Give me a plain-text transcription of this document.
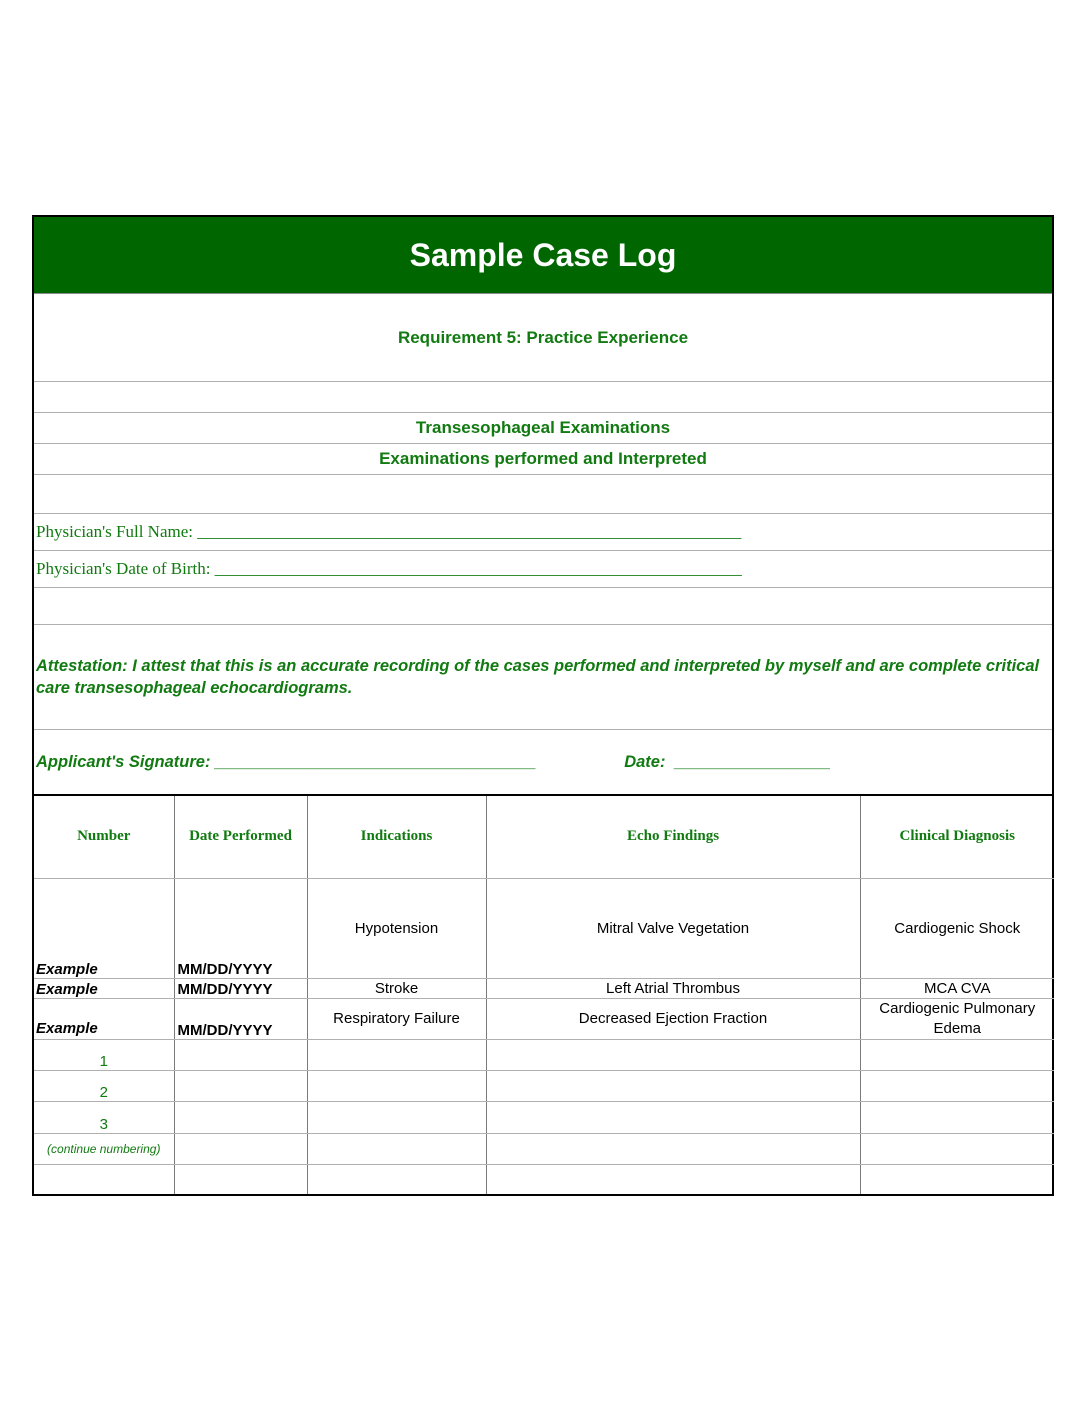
Sample Case Log
Requirement 5: Practice Experience
Transesophageal Examinations
Examinations performed and Interpreted
Physician's Full Name: ________________________________________________________________
Physician's Date of Birth: ______________________________________________________________
Attestation: I attest that this is an accurate recording of the cases performed and interpreted by myself and are complete critical care transesophageal echocardiograms.
Applicant's Signature: ___________________________________	Date:  _________________
Number	Date Performed	Indications	Echo Findings	Clinical Diagnosis
Example	MM/DD/YYYY	Hypotension	Mitral Valve Vegetation	Cardiogenic Shock
Example	MM/DD/YYYY	Stroke	Left Atrial Thrombus	MCA CVA
Example	MM/DD/YYYY	Respiratory Failure	Decreased Ejection Fraction	Cardiogenic Pulmonary Edema
1				
2				
3				
(continue numbering)				
